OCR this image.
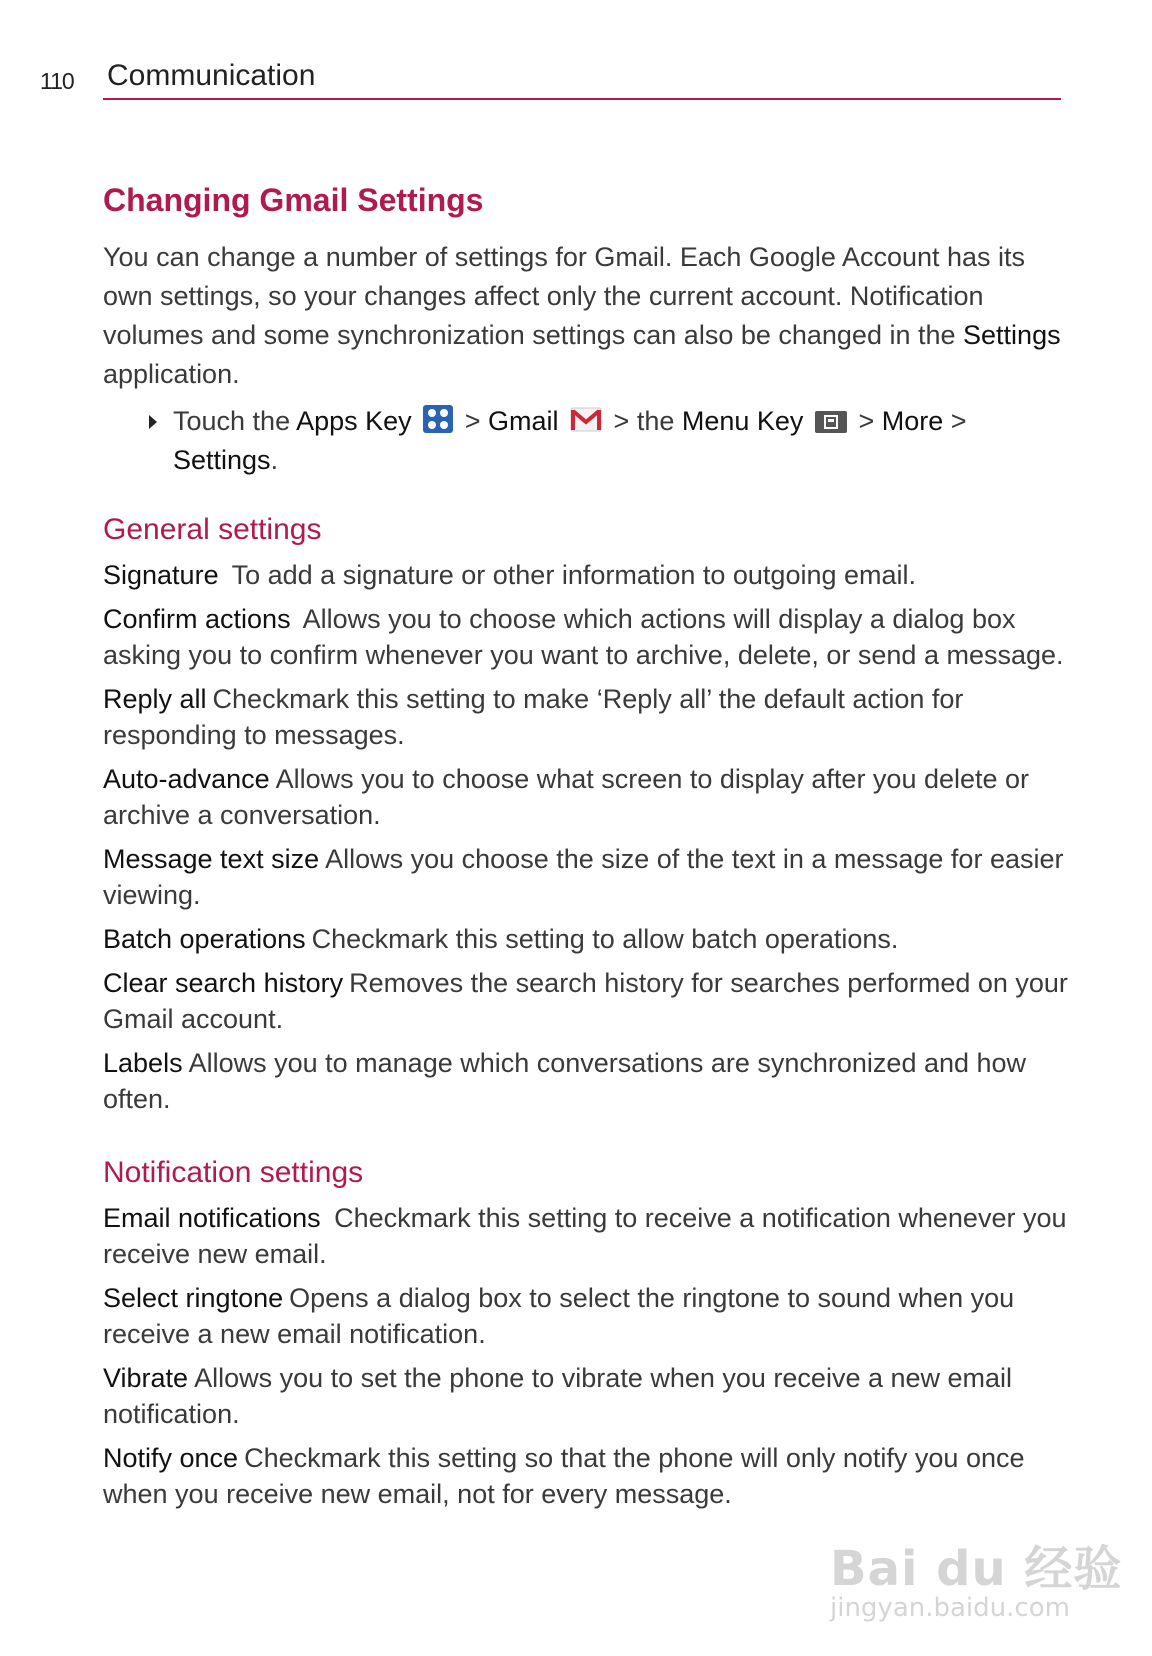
110 Communication
Changing Gmail Settings

You can change a number of settings for Gmail. Each Google Account has its own settings, so your changes affect only the current account. Notification volumes and some synchronization settings can also be changed in the Settings application.

Touch the Apps Key  > Gmail  > the Menu Key  > More >
Settings.
General settings

Signature To add a signature or other information to outgoing email.

Confirm actions Allows you to choose which actions will display a dialog box asking you to confirm whenever you want to archive, delete, or send a message.

Reply all Checkmark this setting to make ‘Reply all’ the default action for responding to messages.

Auto-advance Allows you to choose what screen to display after you delete or archive a conversation.

Message text size Allows you choose the size of the text in a message for easier viewing.

Batch operations Checkmark this setting to allow batch operations.

Clear search history Removes the search history for searches performed on your Gmail account.

Labels Allows you to manage which conversations are synchronized and how often.

Notification settings

Email notifications Checkmark this setting to receive a notification whenever you receive new email.

Select ringtone Opens a dialog box to select the ringtone to sound when you receive a new email notification.

Vibrate Allows you to set the phone to vibrate when you receive a new email notification.

Notify once Checkmark this setting so that the phone will only notify you once when you receive new email, not for every message.

Bai du 经验
jingyan.baidu.com
